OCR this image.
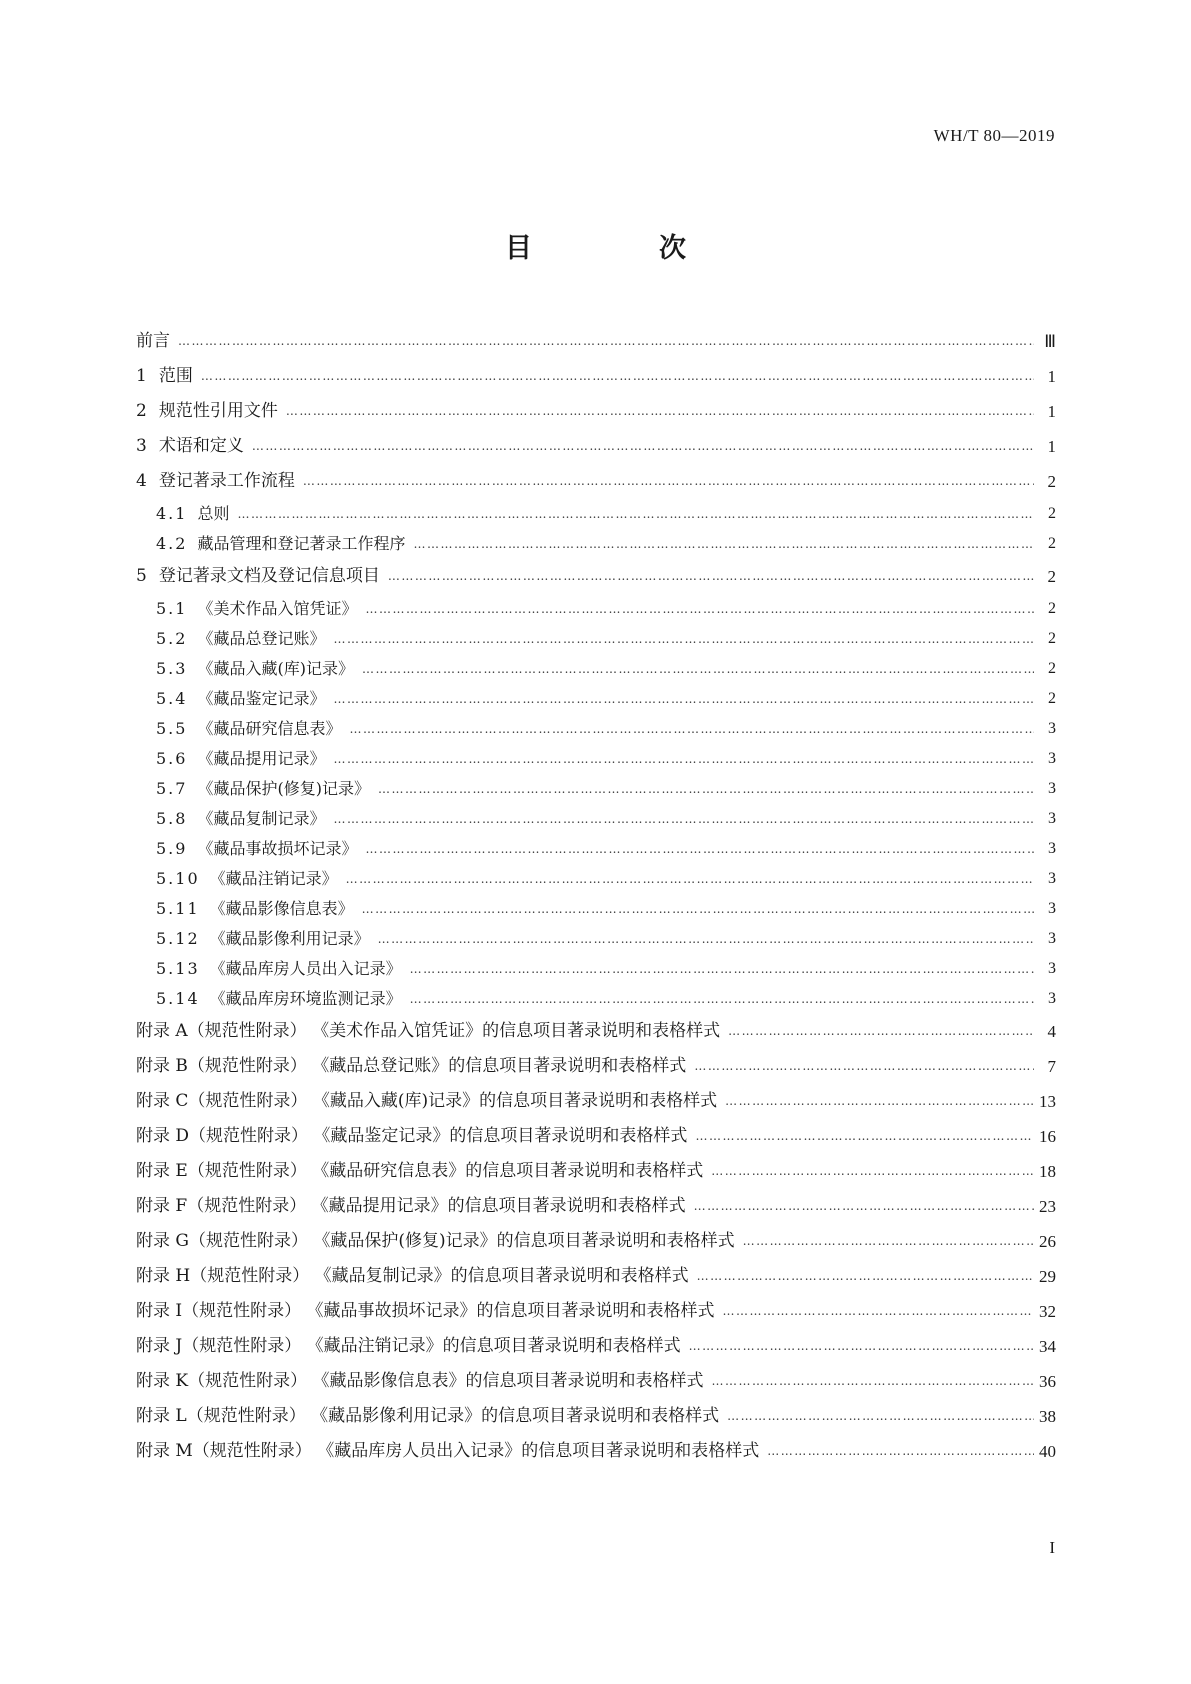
WH/T 80—2019
目　次
前言 …………………………………………………………………………………………………………………………………………………………………………………………………	Ⅲ
1 范围 …………………………………………………………………………………………………………………………………………………………………………………………………	1
2 规范性引用文件 …………………………………………………………………………………………………………………………………………………………………………………………………	1
3 术语和定义 …………………………………………………………………………………………………………………………………………………………………………………………………	1
4 登记著录工作流程 …………………………………………………………………………………………………………………………………………………………………………………………………	2
4.1 总则 …………………………………………………………………………………………………………………………………………………………………………………………………	2
4.2 藏品管理和登记著录工作程序 …………………………………………………………………………………………………………………………………………………………………………………………………	2
5 登记著录文档及登记信息项目 …………………………………………………………………………………………………………………………………………………………………………………………………	2
5.1 《美术作品入馆凭证》 …………………………………………………………………………………………………………………………………………………………………………………………………	2
5.2 《藏品总登记账》 …………………………………………………………………………………………………………………………………………………………………………………………………	2
5.3 《藏品入藏(库)记录》 …………………………………………………………………………………………………………………………………………………………………………………………………	2
5.4 《藏品鉴定记录》 …………………………………………………………………………………………………………………………………………………………………………………………………	2
5.5 《藏品研究信息表》 …………………………………………………………………………………………………………………………………………………………………………………………………	3
5.6 《藏品提用记录》 …………………………………………………………………………………………………………………………………………………………………………………………………	3
5.7 《藏品保护(修复)记录》 …………………………………………………………………………………………………………………………………………………………………………………………………	3
5.8 《藏品复制记录》 …………………………………………………………………………………………………………………………………………………………………………………………………	3
5.9 《藏品事故损坏记录》 …………………………………………………………………………………………………………………………………………………………………………………………………	3
5.10 《藏品注销记录》 …………………………………………………………………………………………………………………………………………………………………………………………………	3
5.11 《藏品影像信息表》 …………………………………………………………………………………………………………………………………………………………………………………………………	3
5.12 《藏品影像利用记录》 …………………………………………………………………………………………………………………………………………………………………………………………………	3
5.13 《藏品库房人员出入记录》 …………………………………………………………………………………………………………………………………………………………………………………………………	3
5.14 《藏品库房环境监测记录》 …………………………………………………………………………………………………………………………………………………………………………………………………	3
附录 A（规范性附录） 《美术作品入馆凭证》的信息项目著录说明和表格样式 …………………………………………………………………………………………………………………………………………………………………………………………………	4
附录 B（规范性附录） 《藏品总登记账》的信息项目著录说明和表格样式 …………………………………………………………………………………………………………………………………………………………………………………………………	7
附录 C（规范性附录） 《藏品入藏(库)记录》的信息项目著录说明和表格样式 …………………………………………………………………………………………………………………………………………………………………………………………………	13
附录 D（规范性附录） 《藏品鉴定记录》的信息项目著录说明和表格样式 …………………………………………………………………………………………………………………………………………………………………………………………………	16
附录 E（规范性附录） 《藏品研究信息表》的信息项目著录说明和表格样式 …………………………………………………………………………………………………………………………………………………………………………………………………	18
附录 F（规范性附录） 《藏品提用记录》的信息项目著录说明和表格样式 …………………………………………………………………………………………………………………………………………………………………………………………………	23
附录 G（规范性附录） 《藏品保护(修复)记录》的信息项目著录说明和表格样式 …………………………………………………………………………………………………………………………………………………………………………………………………	26
附录 H（规范性附录） 《藏品复制记录》的信息项目著录说明和表格样式 …………………………………………………………………………………………………………………………………………………………………………………………………	29
附录 I（规范性附录） 《藏品事故损坏记录》的信息项目著录说明和表格样式 …………………………………………………………………………………………………………………………………………………………………………………………………	32
附录 J（规范性附录） 《藏品注销记录》的信息项目著录说明和表格样式 …………………………………………………………………………………………………………………………………………………………………………………………………	34
附录 K（规范性附录） 《藏品影像信息表》的信息项目著录说明和表格样式 …………………………………………………………………………………………………………………………………………………………………………………………………	36
附录 L（规范性附录） 《藏品影像利用记录》的信息项目著录说明和表格样式 …………………………………………………………………………………………………………………………………………………………………………………………………	38
附录 M（规范性附录） 《藏品库房人员出入记录》的信息项目著录说明和表格样式 …………………………………………………………………………………………………………………………………………………………………………………………………	40
I
